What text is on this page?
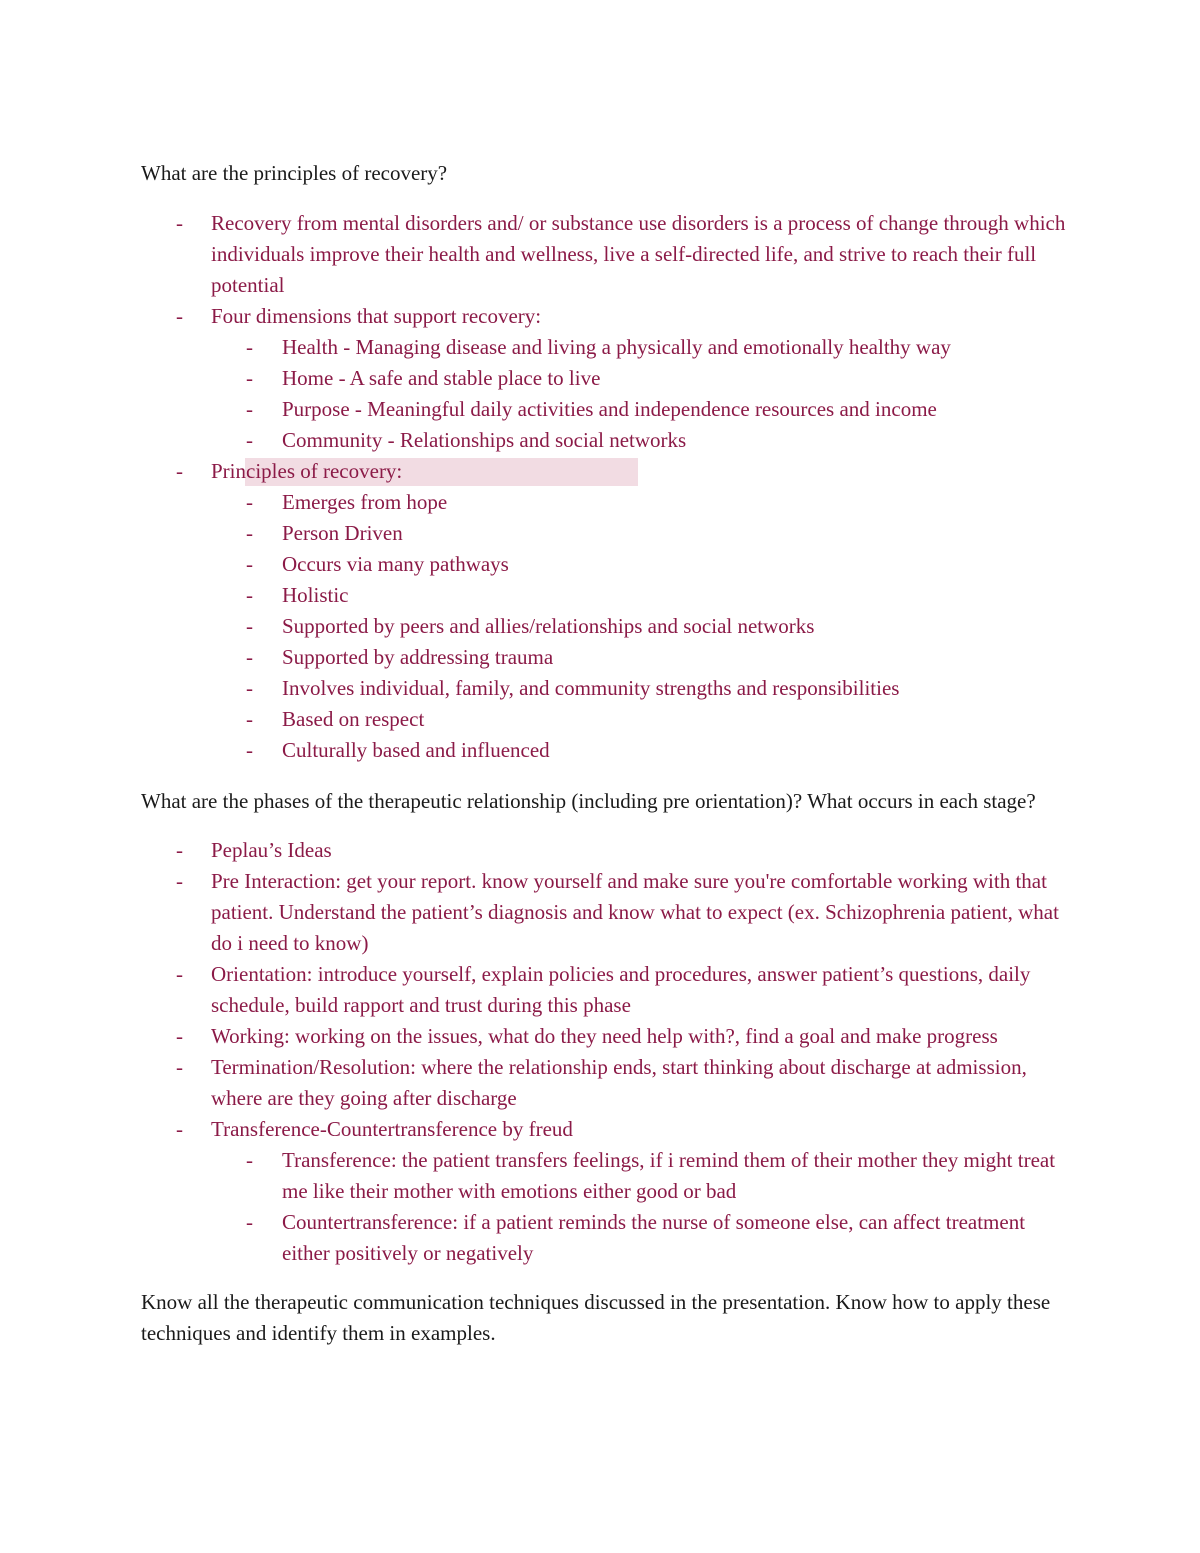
What are the principles of recovery?

- Recovery from mental disorders and/ or substance use disorders is a process of change through which individuals improve their health and wellness, live a self-directed life, and strive to reach their full potential
- Four dimensions that support recovery:
- Health - Managing disease and living a physically and emotionally healthy way
- Home - A safe and stable place to live
- Purpose - Meaningful daily activities and independence resources and income
- Community - Relationships and social networks
- Principles of recovery:
- Emerges from hope
- Person Driven
- Occurs via many pathways
- Holistic
- Supported by peers and allies/relationships and social networks
- Supported by addressing trauma
- Involves individual, family, and community strengths and responsibilities
- Based on respect
- Culturally based and influenced

What are the phases of the therapeutic relationship (including pre orientation)? What occurs in each stage?

- Peplau’s Ideas
- Pre Interaction: get your report. know yourself and make sure you're comfortable working with that patient. Understand the patient’s diagnosis and know what to expect (ex. Schizophrenia patient, what do i need to know)
- Orientation: introduce yourself, explain policies and procedures, answer patient’s questions, daily schedule, build rapport and trust during this phase
- Working: working on the issues, what do they need help with?, find a goal and make progress
- Termination/Resolution: where the relationship ends, start thinking about discharge at admission, where are they going after discharge
- Transference-Countertransference by freud
- Transference: the patient transfers feelings, if i remind them of their mother they might treat me like their mother with emotions either good or bad
- Countertransference: if a patient reminds the nurse of someone else, can affect treatment either positively or negatively

Know all the therapeutic communication techniques discussed in the presentation. Know how to apply these techniques and identify them in examples.
